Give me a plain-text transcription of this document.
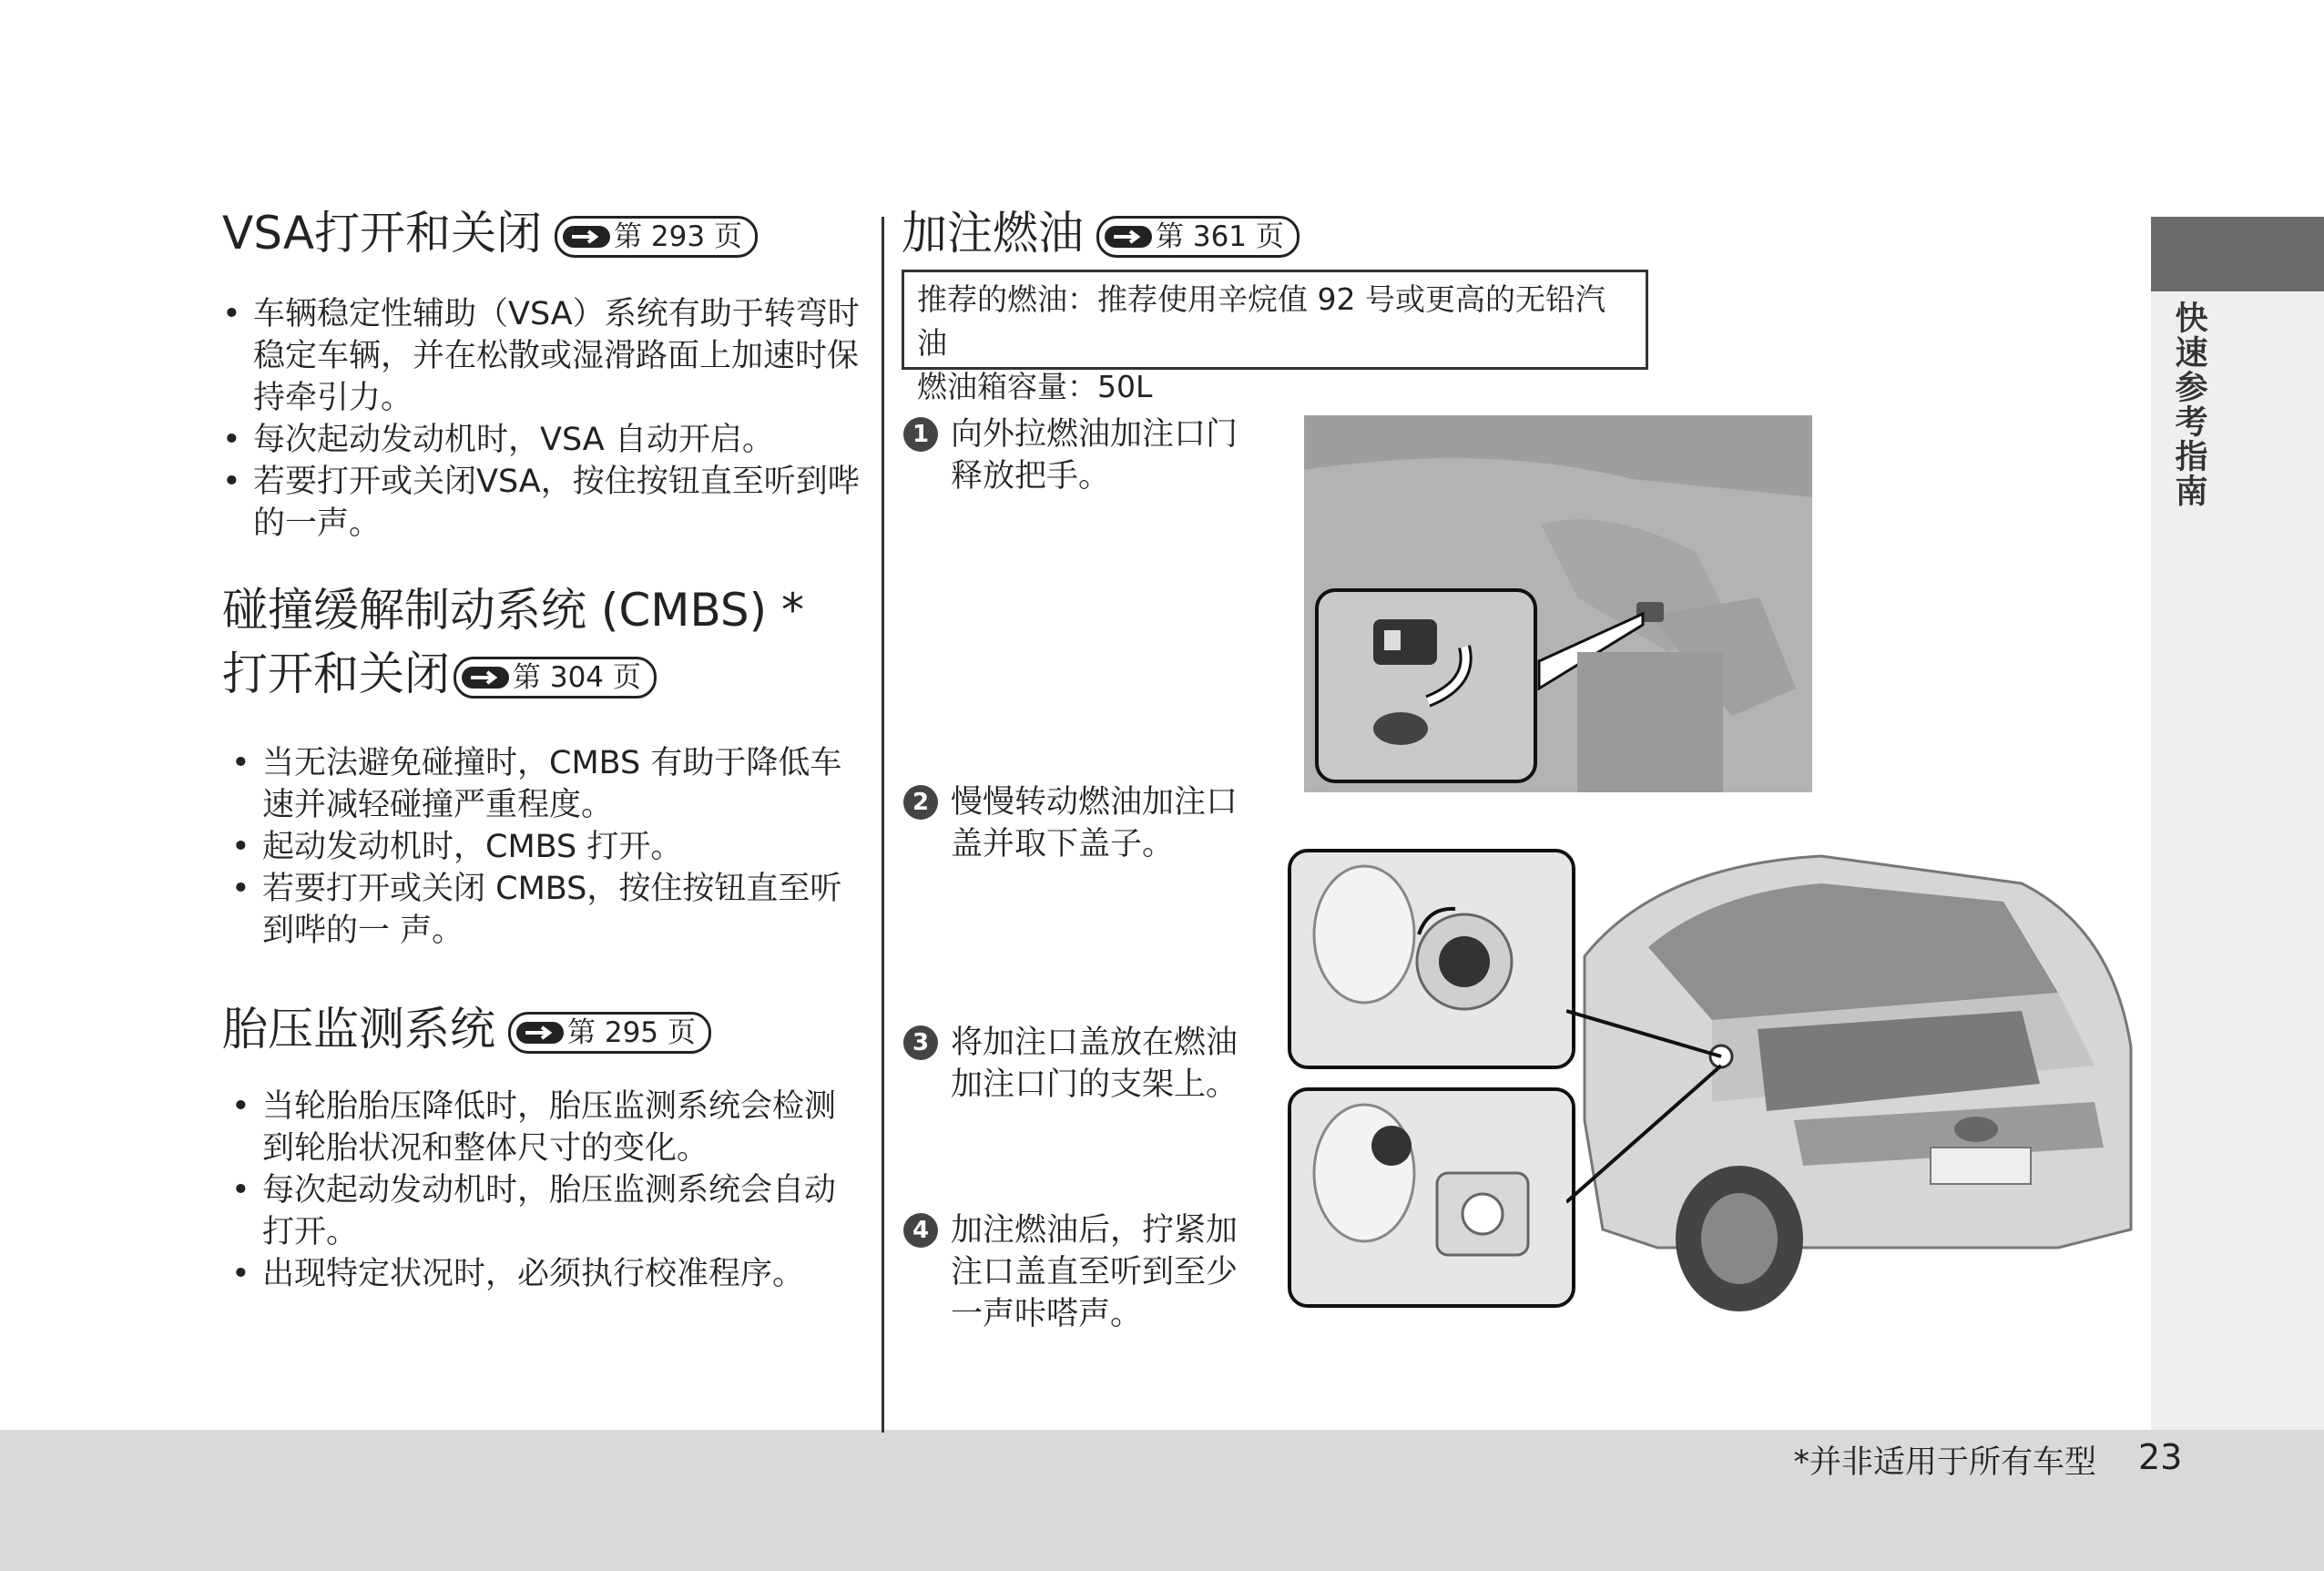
快速参考指南
*并非适用于所有车型 23
VSA打开和关闭	第 293 页
• 车辆稳定性辅助（VSA）系统有助于转弯时稳定车辆，并在松散或湿滑路面上加速时保持牵引力。
• 每次起动发动机时，VSA 自动开启。
• 若要打开或关闭VSA，按住按钮直至听到哔的一声。
碰撞缓解制动系统 (CMBS) *
打开和关闭 第 304 页
• 当无法避免碰撞时，CMBS 有助于降低车速并减轻碰撞严重程度。
• 起动发动机时，CMBS 打开。
• 若要打开或关闭 CMBS，按住按钮直至听到哔的一 声。
胎压监测系统	第 295 页
• 当轮胎胎压降低时，胎压监测系统会检测到轮胎状况和整体尺寸的变化。
• 每次起动发动机时，胎压监测系统会自动打开。
• 出现特定状况时，必须执行校准程序。
加注燃油	第 361 页
推荐的燃油：推荐使用辛烷值 92 号或更高的无铅汽油
燃油箱容量：50L
1 向外拉燃油加注口门释放把手。
2 慢慢转动燃油加注口盖并取下盖子。
3 将加注口盖放在燃油加注口门的支架上。
4 加注燃油后，拧紧加注口盖直至听到至少一声咔嗒声。
